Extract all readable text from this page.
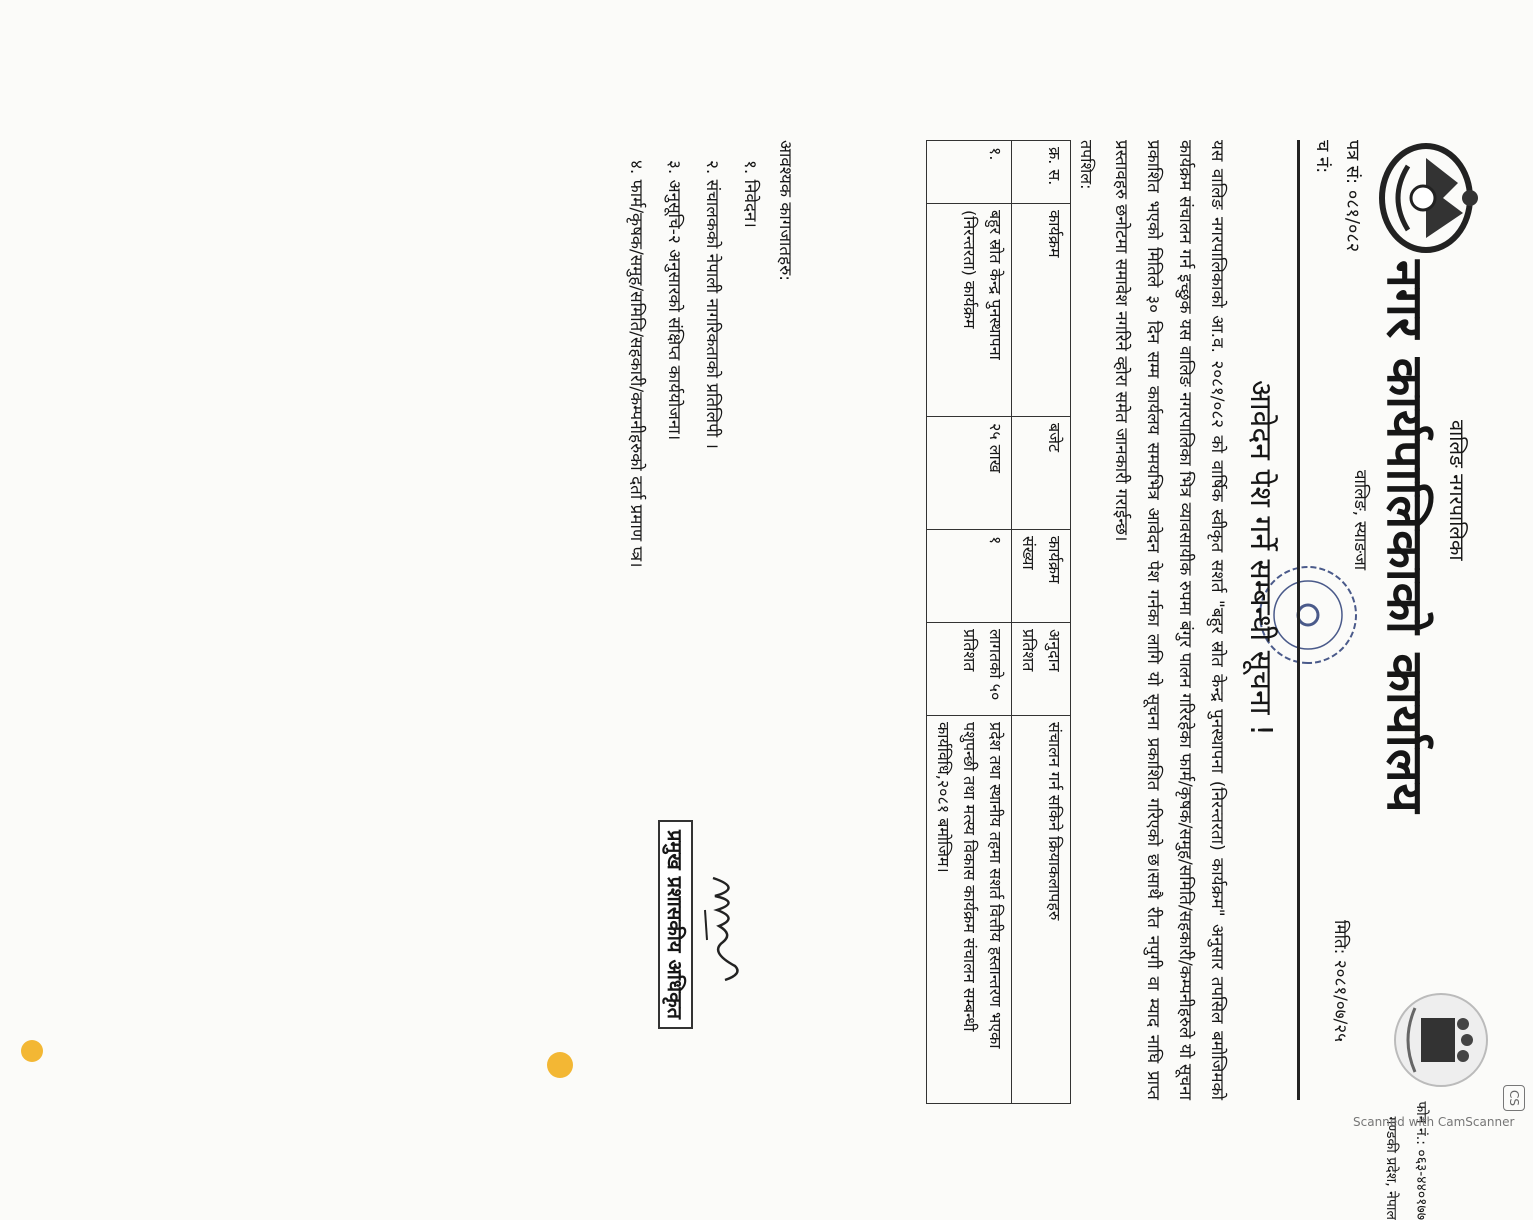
वालिङ नगरपालिका
नगर कार्यपालिकाको कार्यालय
वालिङ, स्याङजा
फोन नं.: ०६३-४४०१७७
गण्डकी प्रदेश, नेपाल
पत्र सं: ०८१/०८२
च नं:
मिति: २०८१/०७/२५
आवेदन पेश गर्ने सम्बन्धी सूचना !
यस वालिङ नगरपालिकाको आ.व. २०८१/०८२ को वार्षिक स्वीकृत सशर्त "बहुर स्रोत केन्द्र पुनस्थापना (निरन्तरता) कार्यक्रम" अनुसार तपसिल बमोजिमको कार्यक्रम संचालन गर्न इच्छुक यस वालिङ नगरपालिका भित्र व्यावसायीक रुपमा बंगुर पालन गरिरहेका फार्म/कृषक/समुह/समिति/सहकारी/कम्पनीहरुले यो सूचना प्रकाशित भएको मितिले ३० दिन सम्म कार्यलय समयभित्र आवेदन पेश गर्नका लागि यो सूचना प्रकाशित गरिएको छ।साथै रीत नपुगी वा म्याद नाघि प्राप्त प्रस्तावहरु छनोटमा समावेश नगरिने व्होरा समेत जानकारी गराईन्छ।
तपशिल:
क्र. स.	कार्यक्रम	बजेट	कार्यक्रम संख्या	अनुदान प्रतिशत	संचालन गर्न सकिने क्रियाकलापहरु
१.	बहुर स्रोत केन्द्र पुनस्थापना (निरन्तरता) कार्यक्रम	२५ लाख	१	लागतको ५० प्रतिशत	प्रदेश तथा स्थानीय तहमा सशर्त वित्तीय हस्तान्तरण भएका पशुपन्छी तथा मत्स्य विकास कार्यक्रम संचालन सम्बन्धी कार्यविधि,२०८१ बमोजिम।
आवश्यक कागजातहरु:
१. निवेदन।
२. संचालकको नेपाली नागरिकताको प्रतिलिपी ।
३. अनुसूचि-२ अनुसारको संक्षिप्त कार्ययोजना।
४. फार्म/कृषक/समुह/समिति/सहकारी/कम्पनीहरुको दर्ता प्रमाण प्त्र।
प्रमुख प्रशासकीय अधिकृत
CS
Scanned with CamScanner
